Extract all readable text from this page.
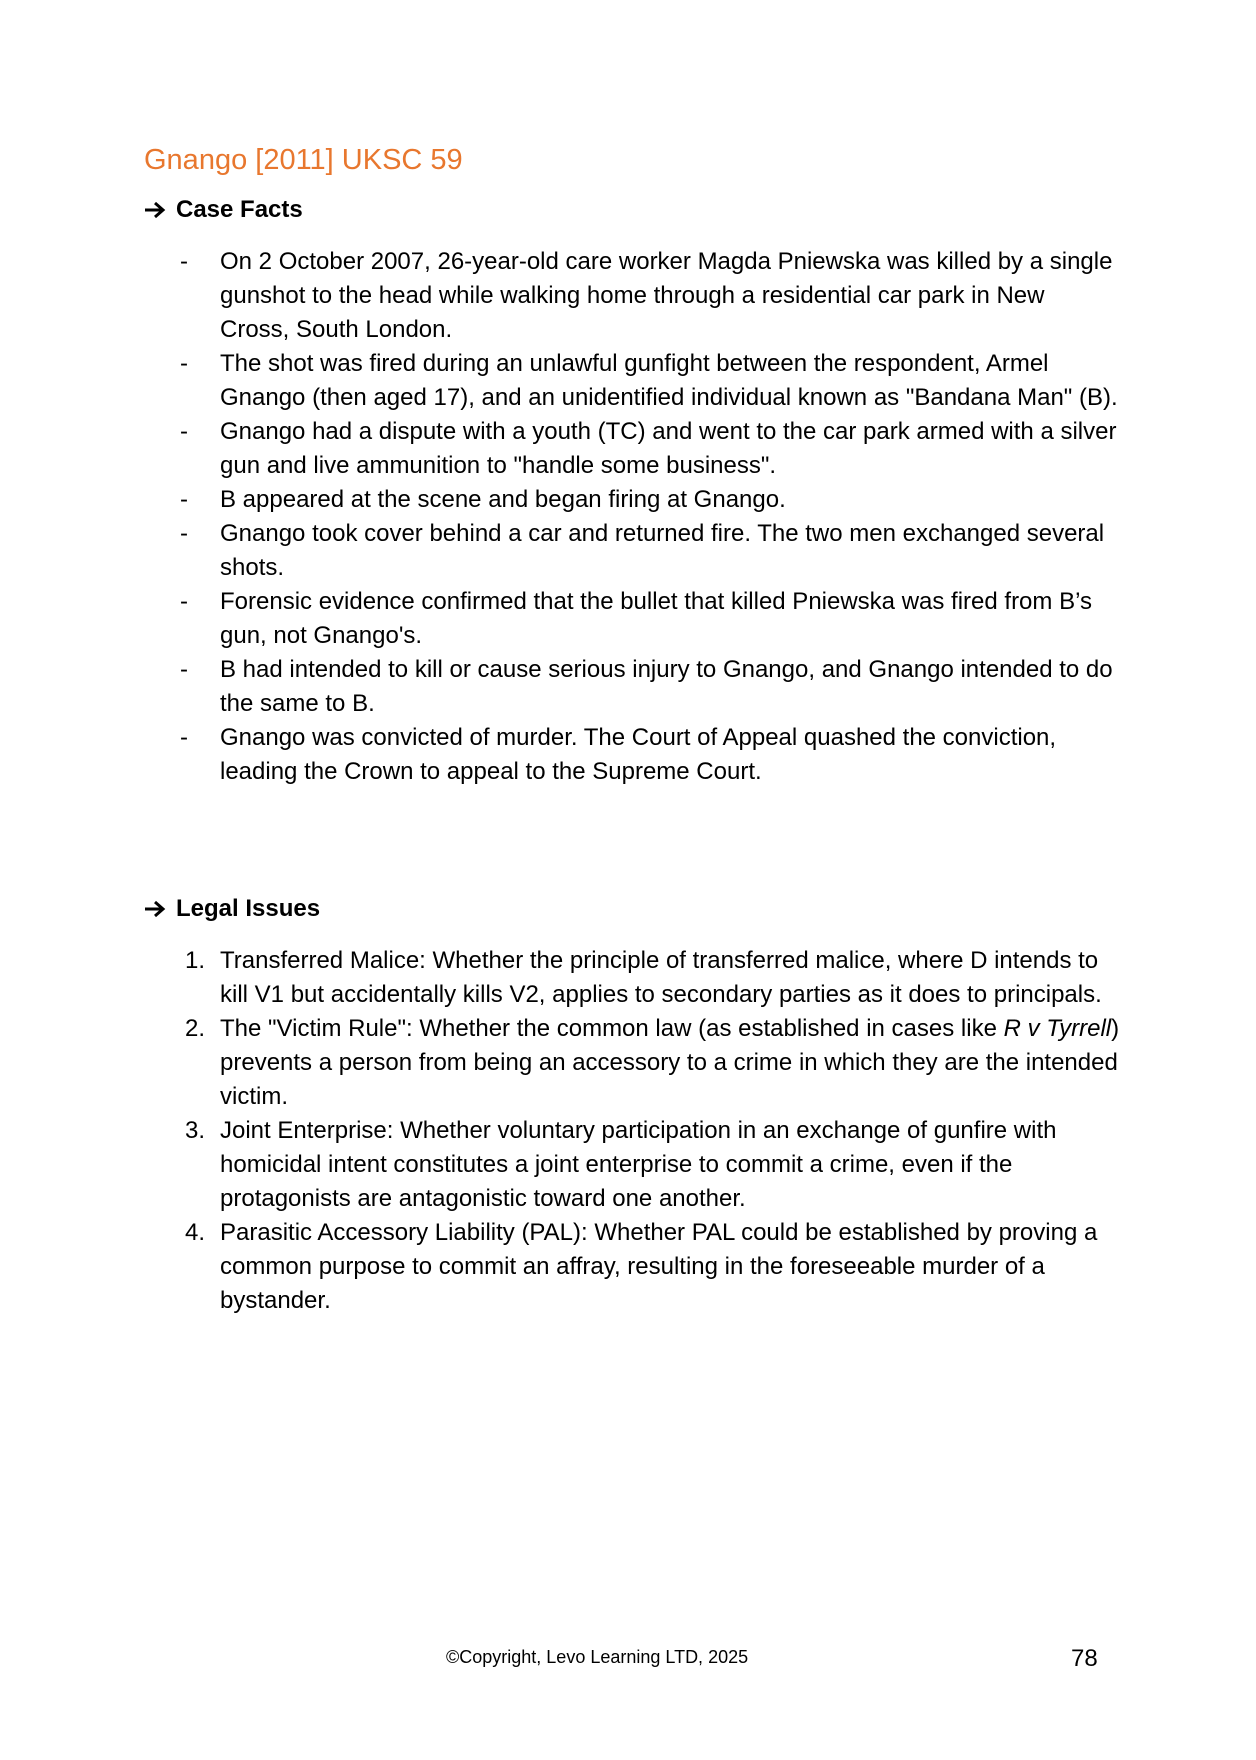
Gnango [2011] UKSC 59
Case Facts
- On 2 October 2007, 26-year-old care worker Magda Pniewska was killed by a single gunshot to the head while walking home through a residential car park in New Cross, South London.
- The shot was fired during an unlawful gunfight between the respondent, Armel Gnango (then aged 17), and an unidentified individual known as "Bandana Man" (B).
- Gnango had a dispute with a youth (TC) and went to the car park armed with a silver gun and live ammunition to "handle some business".
- B appeared at the scene and began firing at Gnango.
- Gnango took cover behind a car and returned fire. The two men exchanged several shots.
- Forensic evidence confirmed that the bullet that killed Pniewska was fired from B’s gun, not Gnango's.
- B had intended to kill or cause serious injury to Gnango, and Gnango intended to do the same to B.
- Gnango was convicted of murder. The Court of Appeal quashed the conviction, leading the Crown to appeal to the Supreme Court.
Legal Issues
1. Transferred Malice: Whether the principle of transferred malice, where D intends to kill V1 but accidentally kills V2, applies to secondary parties as it does to principals.
2. The "Victim Rule": Whether the common law (as established in cases like R v Tyrrell) prevents a person from being an accessory to a crime in which they are the intended victim.
3. Joint Enterprise: Whether voluntary participation in an exchange of gunfire with homicidal intent constitutes a joint enterprise to commit a crime, even if the protagonists are antagonistic toward one another.
4. Parasitic Accessory Liability (PAL): Whether PAL could be established by proving a common purpose to commit an affray, resulting in the foreseeable murder of a bystander.
©Copyright, Levo Learning LTD, 2025	78
